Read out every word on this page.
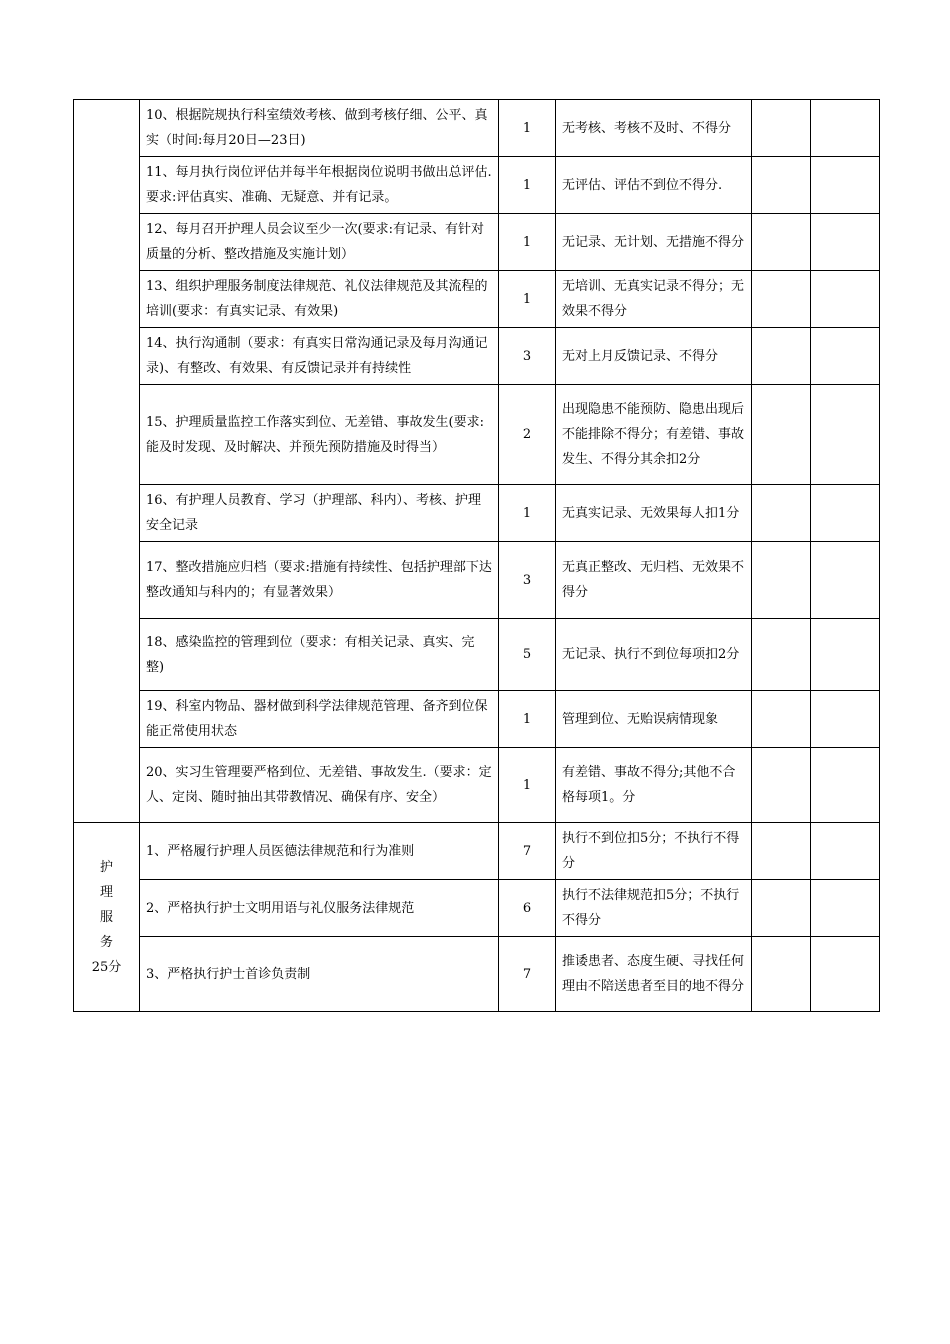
	10、根据院规执行科室绩效考核、做到考核仔细、公平、真实（时间:每月20日—23日)	1	无考核、考核不及时、不得分		
	11、每月执行岗位评估并每半年根据岗位说明书做出总评估.要求:评估真实、准确、无疑意、并有记录。	1	无评估、评估不到位不得分.		
	12、每月召开护理人员会议至少一次(要求:有记录、有针对质量的分析、整改措施及实施计划）	1	无记录、无计划、无措施不得分		
	13、组织护理服务制度法律规范、礼仪法律规范及其流程的培训(要求：有真实记录、有效果)	1	无培训、无真实记录不得分；无效果不得分		
	14、执行沟通制（要求：有真实日常沟通记录及每月沟通记录)、有整改、有效果、有反馈记录并有持续性	3	无对上月反馈记录、不得分		
	15、护理质量监控工作落实到位、无差错、事故发生(要求:能及时发现、及时解决、并预先预防措施及时得当）	2	出现隐患不能预防、隐患出现后不能排除不得分；有差错、事故发生、不得分其余扣2分		
	16、有护理人员教育、学习（护理部、科内）、考核、护理安全记录	1	无真实记录、无效果每人扣1分		
	17、整改措施应归档（要求:措施有持续性、包括护理部下达整改通知与科内的；有显著效果）	3	无真正整改、无归档、无效果不得分		
	18、感染监控的管理到位（要求：有相关记录、真实、完整)	5	无记录、执行不到位每项扣2分		
	19、科室内物品、器材做到科学法律规范管理、备齐到位保能正常使用状态	1	管理到位、无贻误病情现象		
	20、实习生管理要严格到位、无差错、事故发生.（要求：定人、定岗、随时抽出其带教情况、确保有序、安全）	1	有差错、事故不得分;其他不合格每项1。分		

护
理
服
务
25分	1、严格履行护理人员医德法律规范和行为准则	7	执行不到位扣5分；不执行不得分		
	2、严格执行护士文明用语与礼仪服务法律规范	6	执行不法律规范扣5分；不执行不得分		
	3、严格执行护士首诊负责制	7	推诿患者、态度生硬、寻找任何理由不陪送患者至目的地不得分		
